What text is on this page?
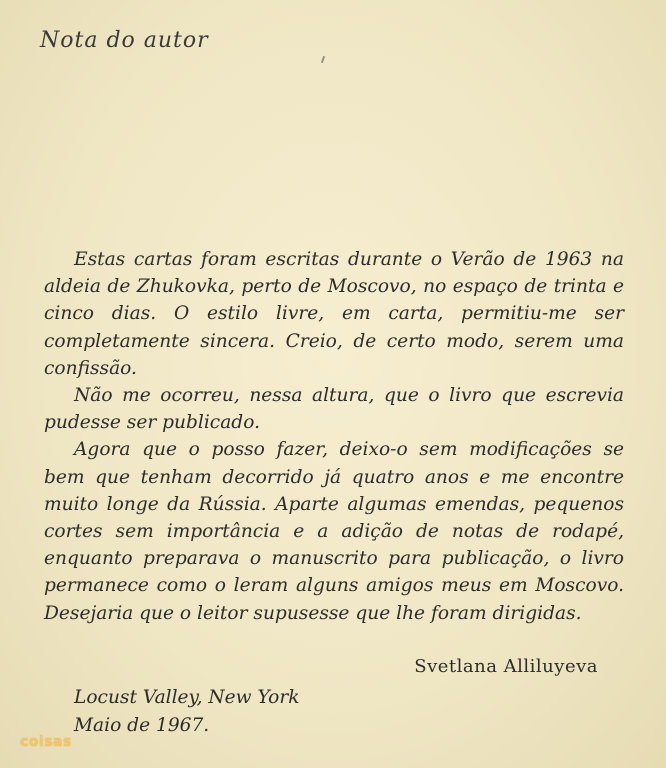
Nota do autor

Estas cartas foram escritas durante o Verão de 1963 na aldeia de Zhukovka, perto de Moscovo, no espaço de trinta e cinco dias. O estilo livre, em carta, permitiu-me ser completamente sincera. Creio, de certo modo, serem uma confissão.

Não me ocorreu, nessa altura, que o livro que escrevia pudesse ser publicado.

Agora que o posso fazer, deixo-o sem modificações se bem que tenham decorrido já quatro anos e me encontre muito longe da Rússia. Aparte algumas emendas, pequenos cortes sem importância e a adição de notas de rodapé, enquanto preparava o manuscrito para publicação, o livro permanece como o leram alguns amigos meus em Moscovo. Desejaria que o leitor supusesse que lhe foram dirigidas.

Svetlana Alliluyeva
Locust Valley, New York
Maio de 1967.
coisas
